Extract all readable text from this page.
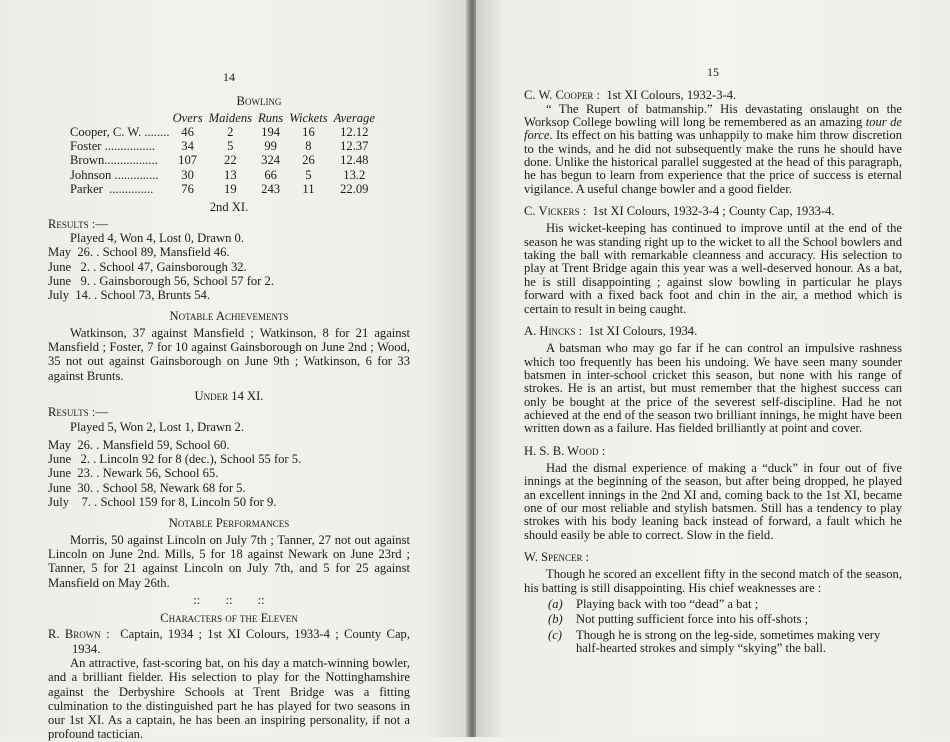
14
Bowling
	Overs	Maidens	Runs	Wickets	Average
Cooper, C. W. ........	46	2	194	16	12.12
Foster ................	34	5	99	8	12.37
Brown.................	107	22	324	26	12.48
Johnson ..............	30	13	66	5	13.2
Parker  ..............	76	19	243	11	22.09
2nd XI.
Results :—
Played 4, Won 4, Lost 0, Drawn 0.
May  26. . School 89, Mansfield 46.
June   2. . School 47, Gainsborough 32.
June   9. . Gainsborough 56, School 57 for 2.
July  14. . School 73, Brunts 54.
Notable Achievements

Watkinson, 37 against Mansfield ; Watkinson, 8 for 21 against Mansfield ; Foster, 7 for 10 against Gainsborough on June 2nd ; Wood, 35 not out against Gainsborough on June 9th ; Watkinson, 6 for 33 against Brunts.

Under 14 XI.
Results :—
Played 5, Won 2, Lost 1, Drawn 2.
May  26. . Mansfield 59, School 60.
June   2. . Lincoln 92 for 8 (dec.), School 55 for 5.
June  23. . Newark 56, School 65.
June  30. . School 58, Newark 68 for 5.
July    7. . School 159 for 8, Lincoln 50 for 9.
Notable Performances

Morris, 50 against Lincoln on July 7th ; Tanner, 27 not out against Lincoln on June 2nd. Mills, 5 for 18 against Newark on June 23rd ; Tanner, 5 for 21 against Lincoln on July 7th, and 5 for 25 against Mansfield on May 26th.

::        ::        ::
Characters of the Eleven

R. Brown : Captain, 1934 ; 1st XI Colours, 1933-4 ; County Cap, 1934.

An attractive, fast-scoring bat, on his day a match-winning bowler, and a brilliant fielder. His selection to play for the Nottinghamshire against the Derbyshire Schools at Trent Bridge was a fitting culmination to the distinguished part he has played for two seasons in our 1st XI. As a captain, he has been an inspiring personality, if not a profound tactician.

15
C. W. Cooper : 1st XI Colours, 1932-3-4.

“ The Rupert of batmanship.” His devastating onslaught on the Worksop College bowling will long be remembered as an amazing tour de force. Its effect on his batting was unhappily to make him throw discretion to the winds, and he did not subsequently make the runs he should have done. Unlike the historical parallel suggested at the head of this paragraph, he has begun to learn from experience that the price of success is eternal vigilance. A useful change bowler and a good fielder.

C. Vickers : 1st XI Colours, 1932-3-4 ; County Cap, 1933-4.

His wicket-keeping has continued to improve until at the end of the season he was standing right up to the wicket to all the School bowlers and taking the ball with remarkable cleanness and accuracy. His selection to play at Trent Bridge again this year was a well-deserved honour. As a bat, he is still disappointing ; against slow bowling in particular he plays forward with a fixed back foot and chin in the air, a method which is certain to result in being caught.

A. Hincks : 1st XI Colours, 1934.

A batsman who may go far if he can control an impulsive rashness which too frequently has been his undoing. We have seen many sounder batsmen in inter-school cricket this season, but none with his range of strokes. He is an artist, but must remember that the highest success can only be bought at the price of the severest self-discipline. Had he not achieved at the end of the season two brilliant innings, he might have been written down as a failure. Has fielded brilliantly at point and cover.

H. S. B. Wood :

Had the dismal experience of making a “duck” in four out of five innings at the beginning of the season, but after being dropped, he played an excellent innings in the 2nd XI and, coming back to the 1st XI, became one of our most reliable and stylish batsmen. Still has a tendency to play strokes with his body leaning back instead of forward, a fault which he should easily be able to correct. Slow in the field.

W. Spencer :

Though he scored an excellent fifty in the second match of the season, his batting is still disappointing. His chief weaknesses are :

(a)	Playing back with too “dead” a bat ;
(b)	Not putting sufficient force into his off-shots ;
(c)	Though he is strong on the leg-side, sometimes making very half-hearted strokes and simply “skying” the ball.
